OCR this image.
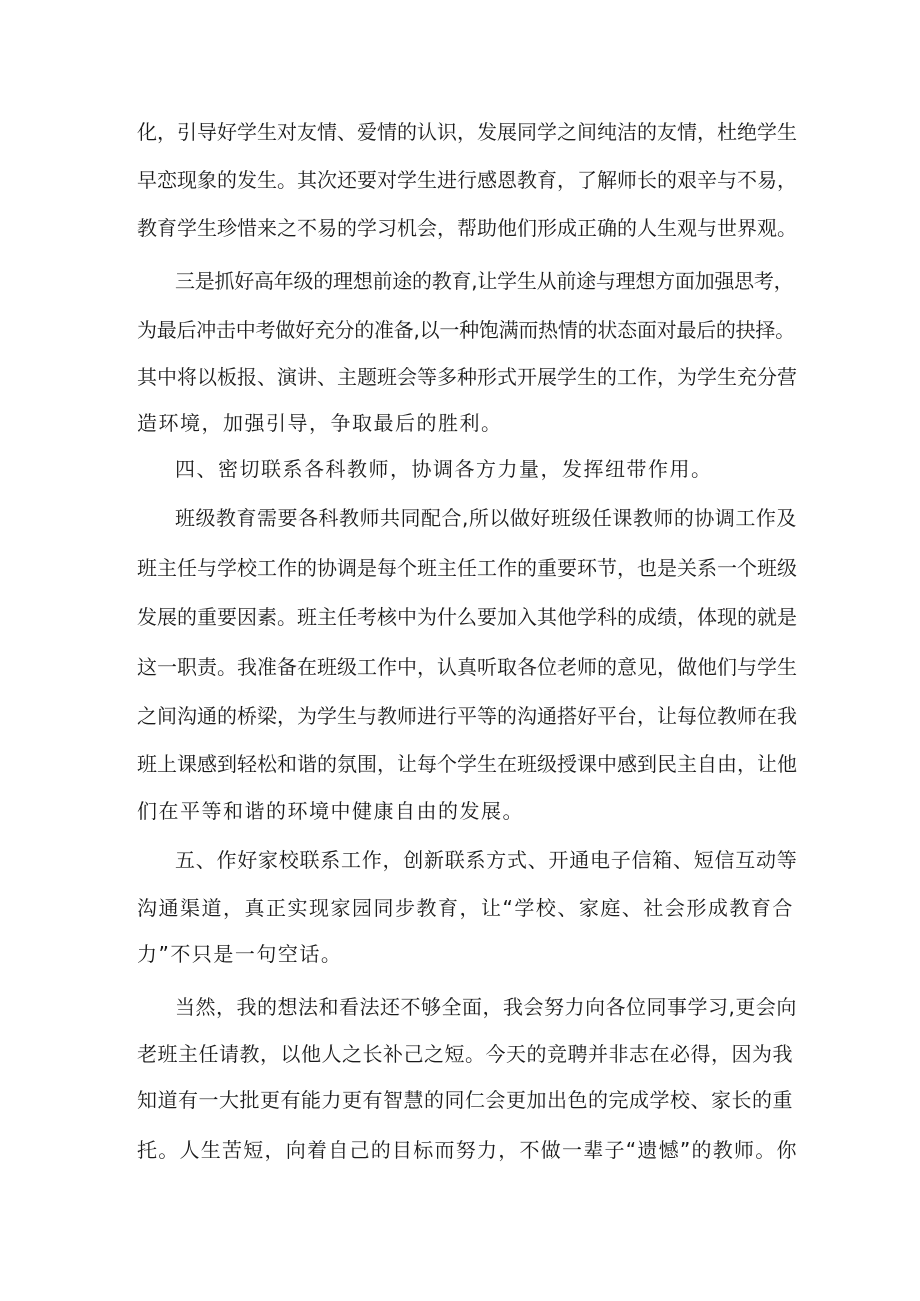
化，引导好学生对友情、爱情的认识，发展同学之间纯洁的友情，杜绝学生

早恋现象的发生。其次还要对学生进行感恩教育，了解师长的艰辛与不易，

教育学生珍惜来之不易的学习机会，帮助他们形成正确的人生观与世界观。

三是抓好高年级的理想前途的教育,让学生从前途与理想方面加强思考，

为最后冲击中考做好充分的准备,以一种饱满而热情的状态面对最后的抉择。

其中将以板报、演讲、主题班会等多种形式开展学生的工作，为学生充分营

造环境，加强引导，争取最后的胜利。

四、密切联系各科教师，协调各方力量，发挥纽带作用。

班级教育需要各科教师共同配合,所以做好班级任课教师的协调工作及

班主任与学校工作的协调是每个班主任工作的重要环节，也是关系一个班级

发展的重要因素。班主任考核中为什么要加入其他学科的成绩，体现的就是

这一职责。我准备在班级工作中，认真听取各位老师的意见，做他们与学生

之间沟通的桥梁，为学生与教师进行平等的沟通搭好平台，让每位教师在我

班上课感到轻松和谐的氛围，让每个学生在班级授课中感到民主自由，让他

们在平等和谐的环境中健康自由的发展。

五、作好家校联系工作，创新联系方式、开通电子信箱、短信互动等

沟通渠道，真正实现家园同步教育，让“学校、家庭、社会形成教育合

力”不只是一句空话。

当然，我的想法和看法还不够全面，我会努力向各位同事学习,更会向

老班主任请教，以他人之长补己之短。今天的竞聘并非志在必得，因为我

知道有一大批更有能力更有智慧的同仁会更加出色的完成学校、家长的重

托。人生苦短，向着自己的目标而努力，不做一辈子“遗憾”的教师。你
